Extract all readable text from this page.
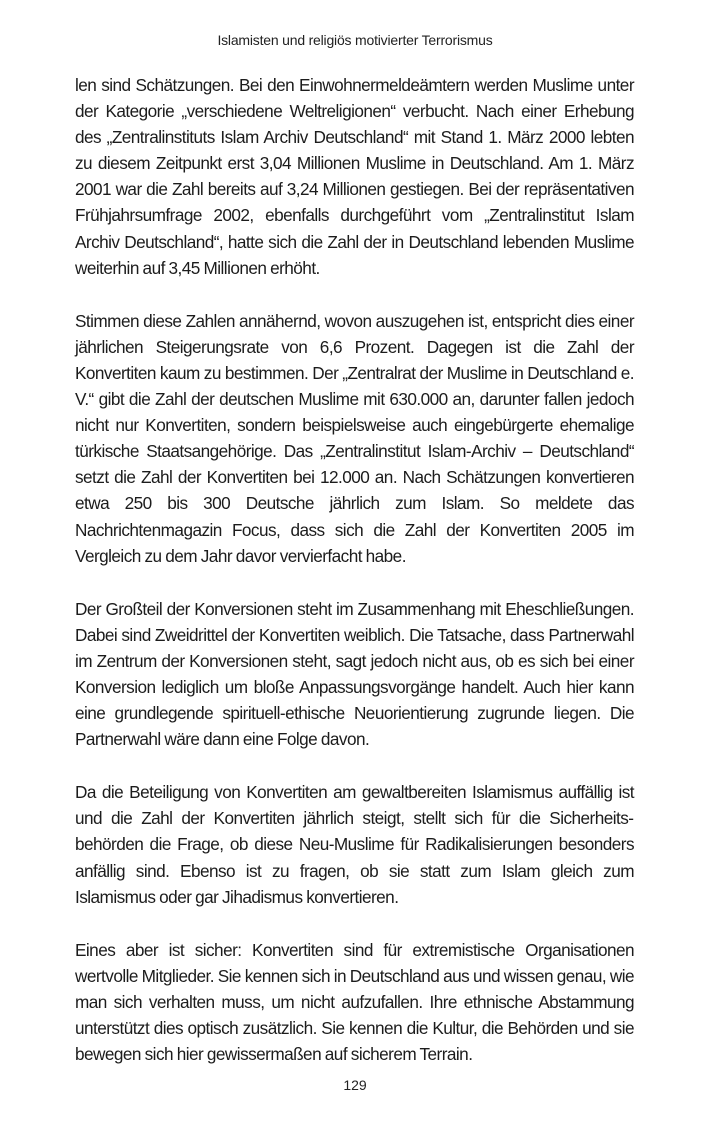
Islamisten und religiös motivierter Terrorismus

len sind Schätzungen. Bei den Einwohnermeldeämtern werden Muslime unter der Kategorie „verschiedene Weltreligionen“ verbucht. Nach einer Erhebung des „Zentralinstituts Islam Archiv Deutschland“ mit Stand 1. März 2000 lebten zu diesem Zeitpunkt erst 3,04 Millionen Muslime in Deutschland. Am 1. März 2001 war die Zahl bereits auf 3,24 Millionen gestiegen. Bei der repräsentativen Frühjahrsumfrage 2002, ebenfalls durchgeführt vom „Zentralinstitut Islam Archiv Deutschland“, hatte sich die Zahl der in Deutschland lebenden Muslime weiterhin auf 3,45 Millionen erhöht.

Stimmen diese Zahlen annähernd, wovon auszugehen ist, entspricht dies einer jährlichen Steigerungsrate von 6,6 Prozent. Dagegen ist die Zahl der Konvertiten kaum zu bestimmen. Der „Zentralrat der Muslime in Deutschland e. V.“ gibt die Zahl der deutschen Muslime mit 630.000 an, darunter fallen jedoch nicht nur Konvertiten, sondern beispielsweise auch eingebürgerte ehemalige türkische Staatsangehörige. Das „Zentralinstitut Islam-Archiv – Deutschland“ setzt die Zahl der Konvertiten bei 12.000 an. Nach Schätzungen konvertieren etwa 250 bis 300 Deutsche jährlich zum Islam. So meldete das Nachrichtenmagazin Focus, dass sich die Zahl der Konvertiten 2005 im Vergleich zu dem Jahr davor vervierfacht habe.

Der Großteil der Konversionen steht im Zusammenhang mit Eheschließungen. Dabei sind Zweidrittel der Konvertiten weiblich. Die Tatsache, dass Partnerwahl im Zentrum der Konversionen steht, sagt jedoch nicht aus, ob es sich bei einer Konversion lediglich um bloße Anpassungsvorgänge handelt. Auch hier kann eine grundlegende spirituell-ethische Neuorientierung zugrunde liegen. Die Partnerwahl wäre dann eine Folge davon.

Da die Beteiligung von Konvertiten am gewaltbereiten Islamismus auffällig ist und die Zahl der Konvertiten jährlich steigt, stellt sich für die Sicherheitsbehörden die Frage, ob diese Neu-Muslime für Radikalisierungen besonders anfällig sind. Ebenso ist zu fragen, ob sie statt zum Islam gleich zum Islamismus oder gar Jihadismus konvertieren.

Eines aber ist sicher: Konvertiten sind für extremistische Organisationen wertvolle Mitglieder. Sie kennen sich in Deutschland aus und wissen genau, wie man sich verhalten muss, um nicht aufzufallen. Ihre ethnische Abstammung unterstützt dies optisch zusätzlich. Sie kennen die Kultur, die Behörden und sie bewegen sich hier gewissermaßen auf sicherem Terrain.

129
